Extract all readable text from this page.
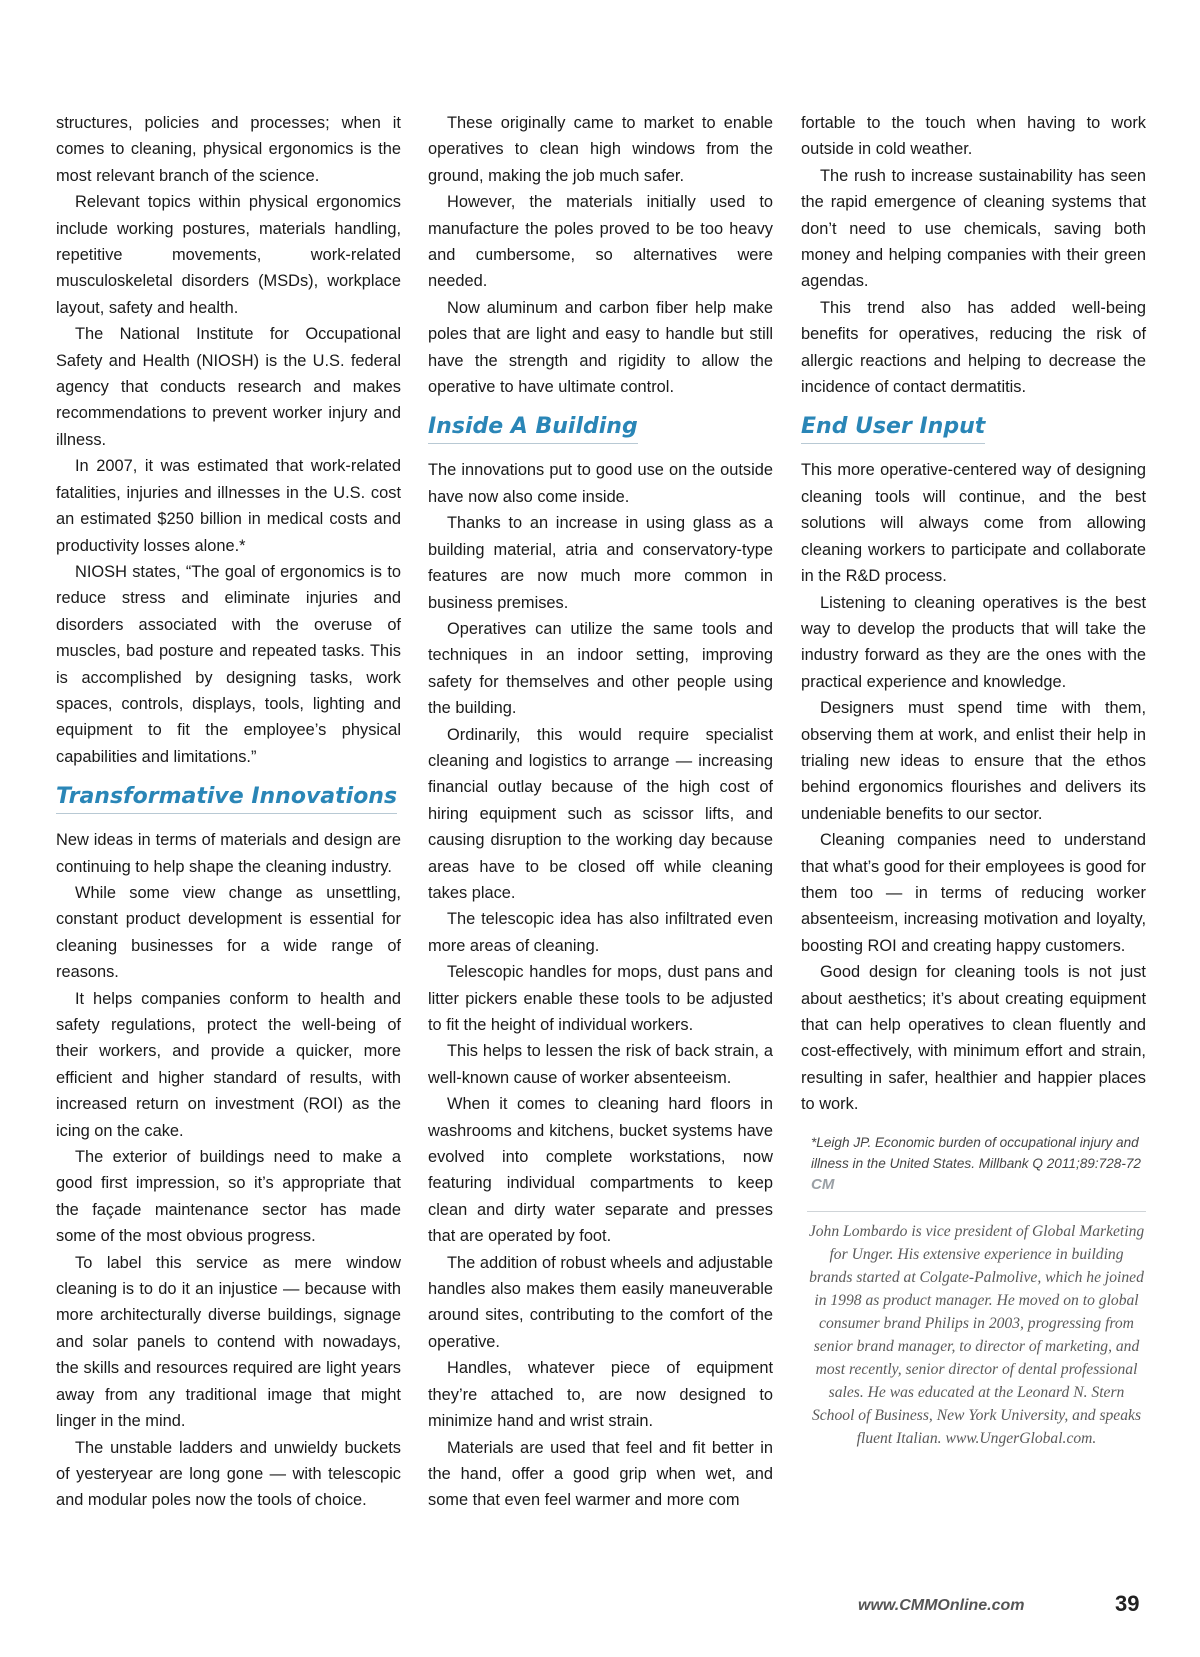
structures, policies and processes; when it comes to cleaning, physical ergonomics is the most relevant branch of the science.

Relevant topics within physical ergonomics include working postures, materials handling, repetitive movements, work-related musculoskeletal disorders (MSDs), workplace layout, safety and health.

The National Institute for Occupational Safety and Health (NIOSH) is the U.S. federal agency that conducts research and makes recommendations to prevent worker injury and illness.

In 2007, it was estimated that work-related fatalities, injuries and illnesses in the U.S. cost an estimated $250 billion in medical costs and productivity losses alone.*

NIOSH states, “The goal of ergonomics is to reduce stress and eliminate injuries and disorders associated with the overuse of muscles, bad posture and repeated tasks. This is accomplished by designing tasks, work spaces, controls, displays, tools, lighting and equipment to fit the employee’s physical capabilities and limitations.”

Transformative Innovations

New ideas in terms of materials and design are continuing to help shape the cleaning industry.

While some view change as unsettling, constant product development is essential for cleaning businesses for a wide range of reasons.

It helps companies conform to health and safety regulations, protect the well-being of their workers, and provide a quicker, more efficient and higher standard of results, with increased return on investment (ROI) as the icing on the cake.

The exterior of buildings need to make a good first impression, so it’s appropriate that the façade maintenance sector has made some of the most obvious progress.

To label this service as mere window cleaning is to do it an injustice — because with more architecturally diverse buildings, signage and solar panels to contend with nowadays, the skills and resources required are light years away from any traditional image that might linger in the mind.

The unstable ladders and unwieldy buckets of yesteryear are long gone — with telescopic and modular poles now the tools of choice.

These originally came to market to enable operatives to clean high windows from the ground, making the job much safer.

However, the materials initially used to manufacture the poles proved to be too heavy and cumbersome, so alternatives were needed.

Now aluminum and carbon fiber help make poles that are light and easy to handle but still have the strength and rigidity to allow the operative to have ultimate control.

Inside A Building

The innovations put to good use on the outside have now also come inside.

Thanks to an increase in using glass as a building material, atria and conservatory-type features are now much more common in business premises.

Operatives can utilize the same tools and techniques in an indoor setting, improving safety for themselves and other people using the building.

Ordinarily, this would require specialist cleaning and logistics to arrange — increasing financial outlay because of the high cost of hiring equipment such as scissor lifts, and causing disruption to the working day because areas have to be closed off while cleaning takes place.

The telescopic idea has also infiltrated even more areas of cleaning.

Telescopic handles for mops, dust pans and litter pickers enable these tools to be adjusted to fit the height of individual workers.

This helps to lessen the risk of back strain, a well-known cause of worker absenteeism.

When it comes to cleaning hard floors in washrooms and kitchens, bucket systems have evolved into complete workstations, now featuring individual compartments to keep clean and dirty water separate and presses that are operated by foot.

The addition of robust wheels and adjustable handles also makes them easily maneuverable around sites, contributing to the comfort of the operative.

Handles, whatever piece of equipment they’re attached to, are now designed to minimize hand and wrist strain.

Materials are used that feel and fit better in the hand, offer a good grip when wet, and some that even feel warmer and more com

fortable to the touch when having to work outside in cold weather.

The rush to increase sustainability has seen the rapid emergence of cleaning systems that don’t need to use chemicals, saving both money and helping companies with their green agendas.

This trend also has added well-being benefits for operatives, reducing the risk of allergic reactions and helping to decrease the incidence of contact dermatitis.

End User Input

This more operative-centered way of designing cleaning tools will continue, and the best solutions will always come from allowing cleaning workers to participate and collaborate in the R&D process.

Listening to cleaning operatives is the best way to develop the products that will take the industry forward as they are the ones with the practical experience and knowledge.

Designers must spend time with them, observing them at work, and enlist their help in trialing new ideas to ensure that the ethos behind ergonomics flourishes and delivers its undeniable benefits to our sector.

Cleaning companies need to understand that what’s good for their employees is good for them too — in terms of reducing worker absenteeism, increasing motivation and loyalty, boosting ROI and creating happy customers.

Good design for cleaning tools is not just about aesthetics; it’s about creating equipment that can help operatives to clean fluently and cost-effectively, with minimum effort and strain, resulting in safer, healthier and happier places to work.

*Leigh JP. Economic burden of occupational injury and illness in the United States. Millbank Q 2011;89:728-72 CM
John Lombardo is vice president of Global Marketing for Unger. His extensive experience in building brands started at Colgate-Palmolive, which he joined in 1998 as product manager. He moved on to global consumer brand Philips in 2003, progressing from senior brand manager, to director of marketing, and most recently, senior director of dental professional sales. He was educated at the Leonard N. Stern School of Business, New York University, and speaks fluent Italian. www.UngerGlobal.com.
www.CMMOnline.com	39
